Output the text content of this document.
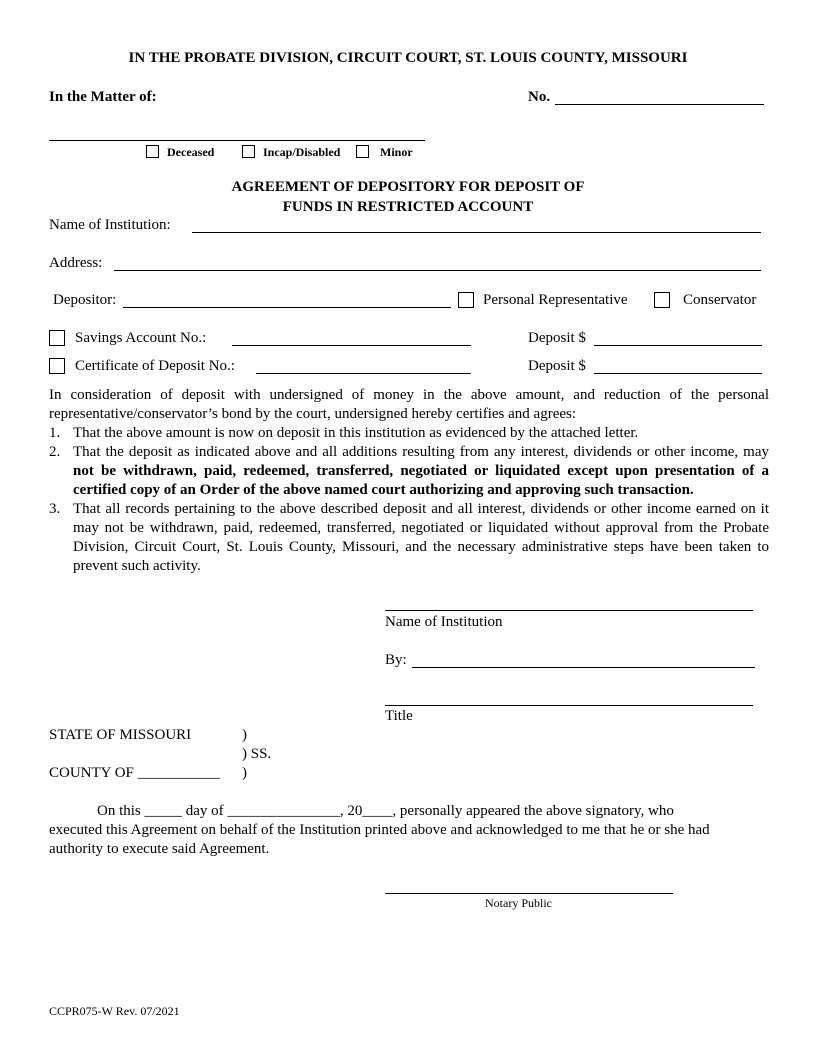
IN THE PROBATE DIVISION, CIRCUIT COURT, ST. LOUIS COUNTY, MISSOURI
In the Matter of:	No.
Deceased	Incap/Disabled	Minor
AGREEMENT OF DEPOSITORY FOR DEPOSIT OF
FUNDS IN RESTRICTED ACCOUNT
Name of Institution:
Address:
Depositor:	Personal Representative	Conservator
Savings Account No.:	Deposit $
Certificate of Deposit No.:	Deposit $
In consideration of deposit with undersigned of money in the above amount, and reduction of the personal representative/conservator’s bond by the court, undersigned hereby certifies and agrees:
1. That the above amount is now on deposit in this institution as evidenced by the attached letter.
2. That the deposit as indicated above and all additions resulting from any interest, dividends or other income, may not be withdrawn, paid, redeemed, transferred, negotiated or liquidated except upon presentation of a certified copy of an Order of the above named court authorizing and approving such transaction.
3. That all records pertaining to the above described deposit and all interest, dividends or other income earned on it may not be withdrawn, paid, redeemed, transferred, negotiated or liquidated without approval from the Probate Division, Circuit Court, St. Louis County, Missouri, and the necessary administrative steps have been taken to prevent such activity.
Name of Institution
By:
Title
STATE OF MISSOURI	)
) SS.
COUNTY OF ___________ )
On this _____ day of _______________, 20____, personally appeared the above signatory, who
executed this Agreement on behalf of the Institution printed above and acknowledged to me that he or she had
authority to execute said Agreement.
Notary Public
CCPR075-W Rev. 07/2021
